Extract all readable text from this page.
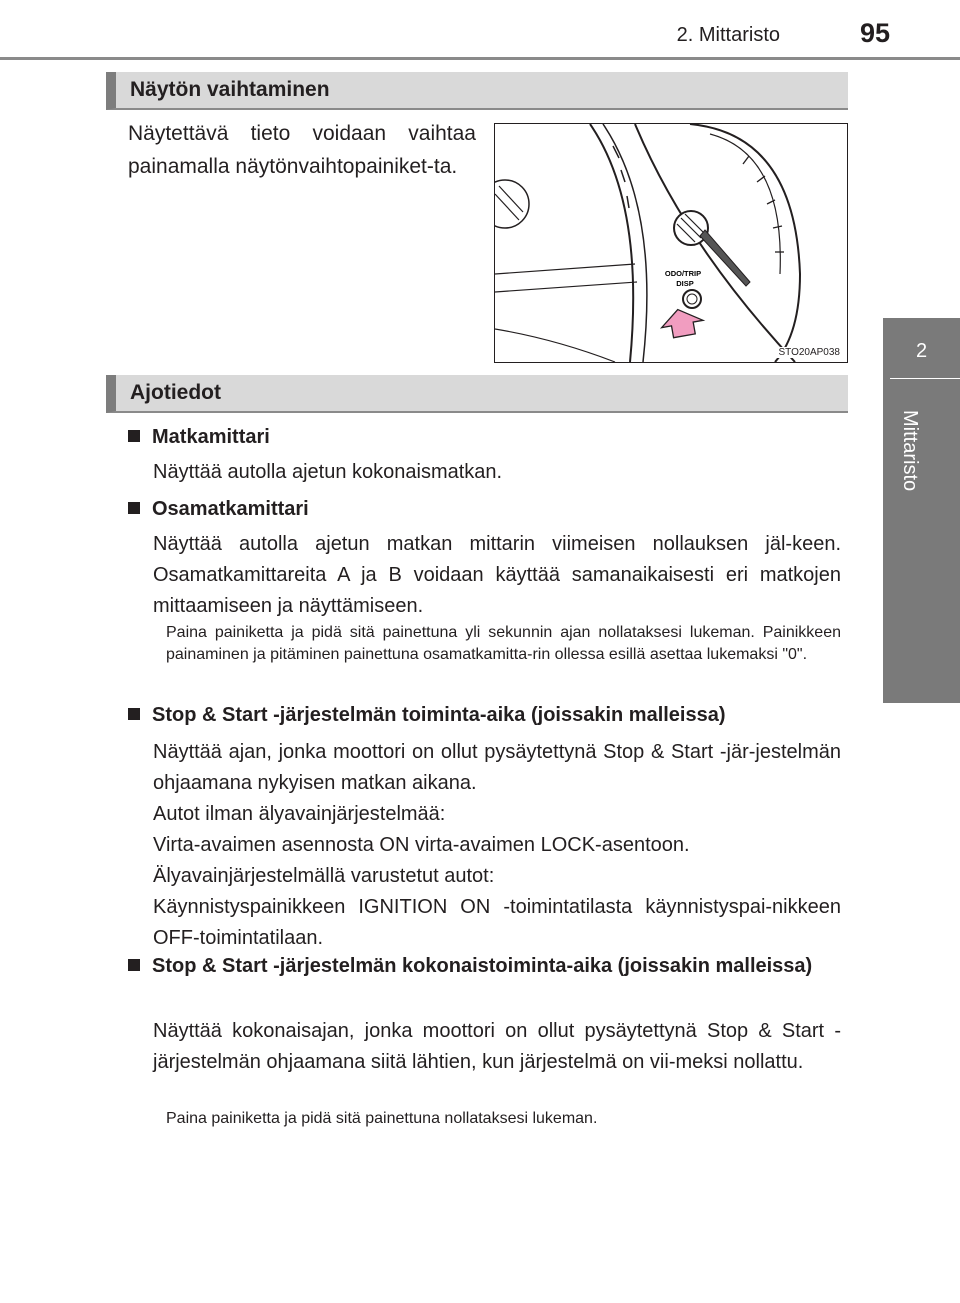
2. Mittaristo	95
2
Mittaristo
Näytön vaihtaminen
Näytettävä tieto voidaan vaihtaa painamalla näytönvaihtopainiket-ta.
ODO/TRIP
DISP
STO20AP038
Ajotiedot
Matkamittari

Näyttää autolla ajetun kokonaismatkan.

Osamatkamittari

Näyttää autolla ajetun matkan mittarin viimeisen nollauksen jäl-keen. Osamatkamittareita A ja B voidaan käyttää samanaikaisesti eri matkojen mittaamiseen ja näyttämiseen.

Paina painiketta ja pidä sitä painettuna yli sekunnin ajan nollataksesi lukeman. Painikkeen painaminen ja pitäminen painettuna osamatkamitta-rin ollessa esillä asettaa lukemaksi "0".
Stop & Start -järjestelmän toiminta-aika (joissakin malleissa)

Näyttää ajan, jonka moottori on ollut pysäytettynä Stop & Start -jär-jestelmän ohjaamana nykyisen matkan aikana.

Autot ilman älyavainjärjestelmää:

Virta-avaimen asennosta ON virta-avaimen LOCK-asentoon.

Älyavainjärjestelmällä varustetut autot:

Käynnistyspainikkeen IGNITION ON -toimintatilasta käynnistyspai-nikkeen OFF-toimintatilaan.

Stop & Start -järjestelmän kokonaistoiminta-aika (joissakin malleissa)

Näyttää kokonaisajan, jonka moottori on ollut pysäytettynä Stop & Start -järjestelmän ohjaamana siitä lähtien, kun järjestelmä on vii-meksi nollattu.

Paina painiketta ja pidä sitä painettuna nollataksesi lukeman.
